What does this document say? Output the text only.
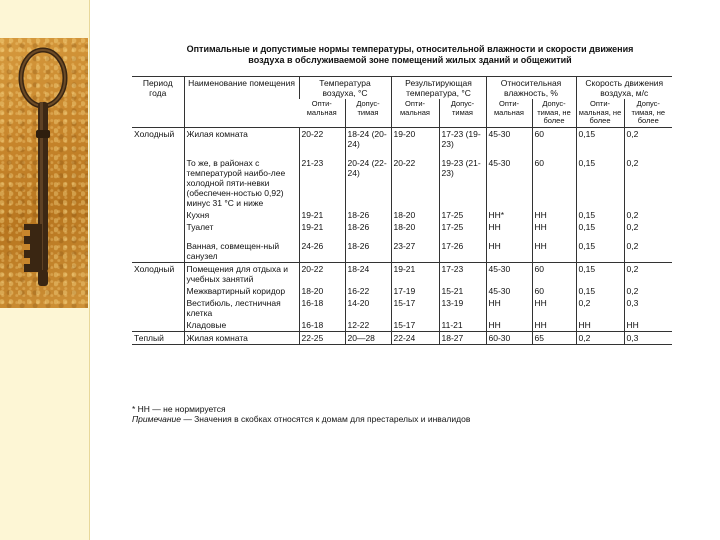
Оптимальные и допустимые нормы температуры, относительной влажности и скорости движения
воздуха в обслуживаемой зоне помещений жилых зданий и общежитий
Период года	Наименование помещения	Температура воздуха, °С		Результирующая температура, °С		Относительная влажность, %		Скорость движения воздуха, м/с	
		Опти-мальная	Допус-тимая	Опти-мальная	Допус-тимая	Опти-мальная	Допус-тимая, не более	Опти-мальная, не более	Допус-тимая, не более
Холодный	Жилая комната	20-22	18-24 (20-24)	19-20	17-23 (19-23)	45-30	60	0,15	0,2
	То же, в районах с температурой наибо-лее холодной пяти-невки (обеспечен-ностью 0,92) минус 31 °С и ниже	21-23	20-24 (22-24)	20-22	19-23 (21-23)	45-30	60	0,15	0,2
	Кухня	19-21	18-26	18-20	17-25	НН*	НН	0,15	0,2
	Туалет	19-21	18-26	18-20	17-25	НН	НН	0,15	0,2
	Ванная, совмещен-ный санузел	24-26	18-26	23-27	17-26	НН	НН	0,15	0,2
Холодный	Помещения для отдыха и учебных занятий	20-22	18-24	19-21	17-23	45-30	60	0,15	0,2
	Межквартирный коридор	18-20	16-22	17-19	15-21	45-30	60	0,15	0,2
	Вестибюль, лестничная клетка	16-18	14-20	15-17	13-19	НН	НН	0,2	0,3
	Кладовые	16-18	12-22	15-17	11-21	НН	НН	НН	НН
Теплый	Жилая комната	22-25	20—28	22-24	18-27	60-30	65	0,2	0,3
* НН — не нормируется
Примечание — Значения в скобках относятся к домам для престарелых и инвалидов
